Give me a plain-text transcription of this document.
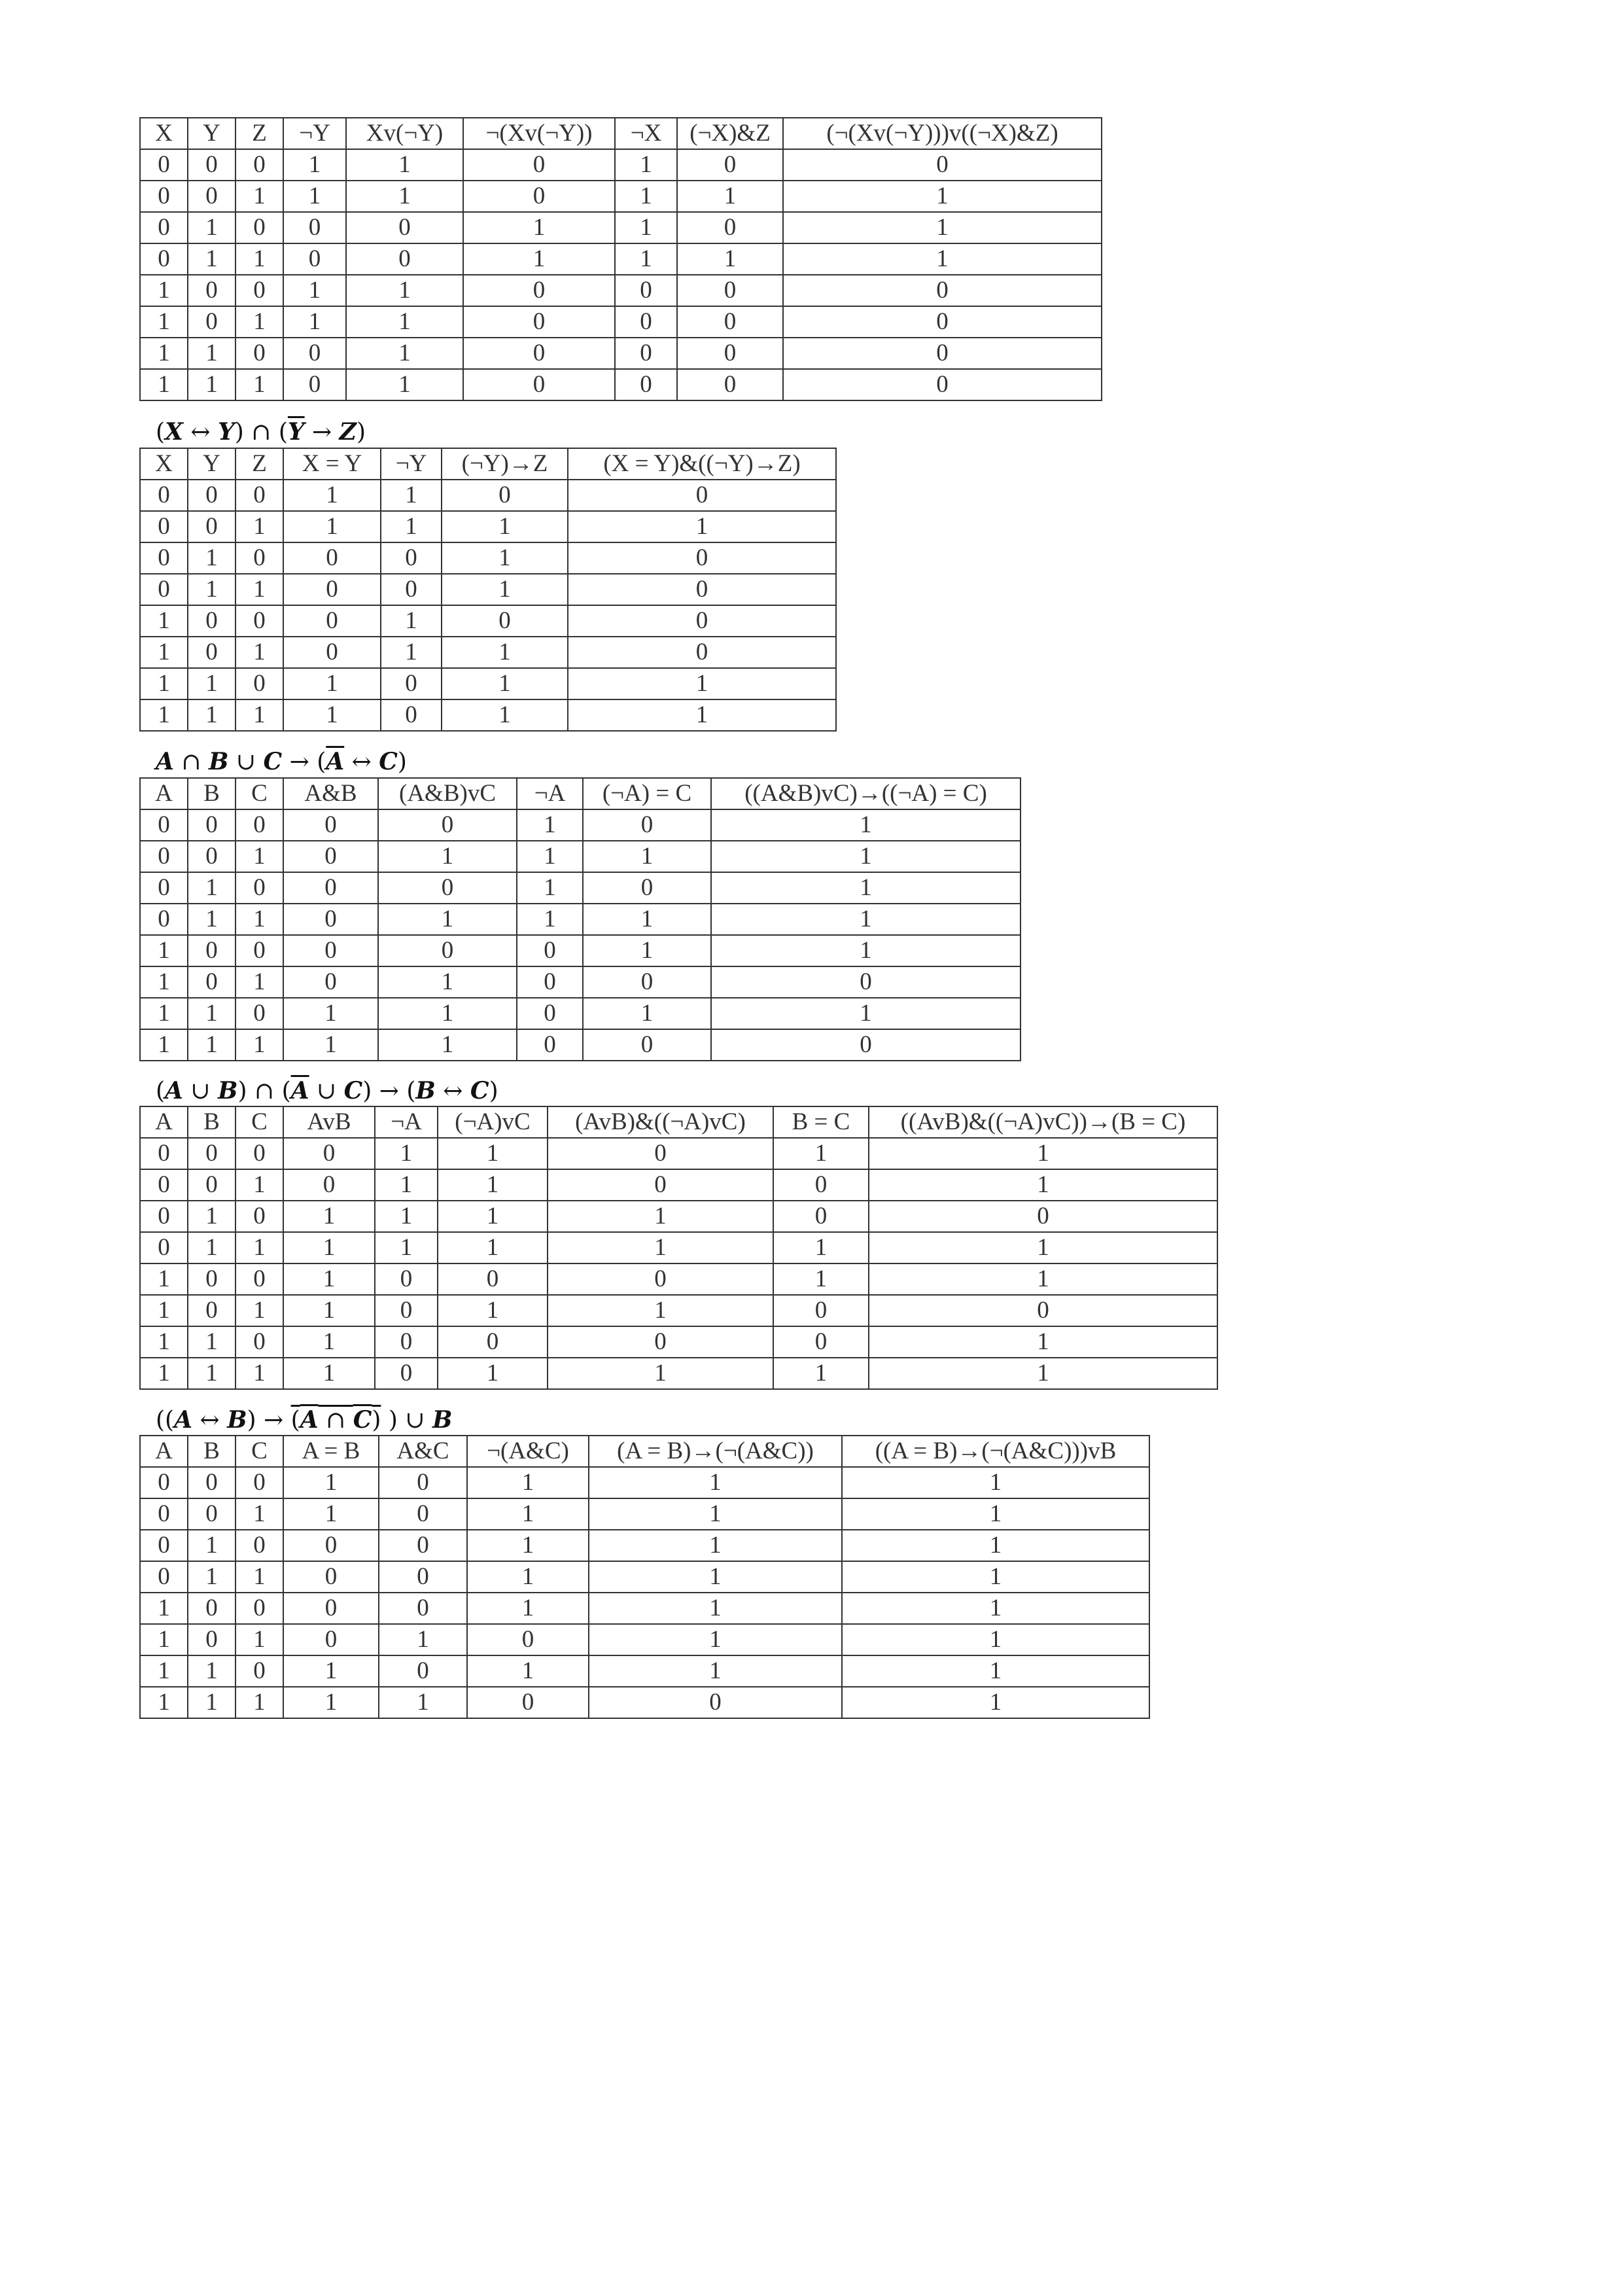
X	Y	Z	¬Y	Xv(¬Y)	¬(Xv(¬Y))	¬X	(¬X)&Z	(¬(Xv(¬Y)))v((¬X)&Z)
0	0	0	1	1	0	1	0	0
0	0	1	1	1	0	1	1	1
0	1	0	0	0	1	1	0	1
0	1	1	0	0	1	1	1	1
1	0	0	1	1	0	0	0	0
1	0	1	1	1	0	0	0	0
1	1	0	0	1	0	0	0	0
1	1	1	0	1	0	0	0	0
(X ↔ Y) ∩ $(\overline{Y} \to Z)$
X	Y	Z	X = Y	¬Y	(¬Y)→Z	(X = Y)&((¬Y)→Z)
0	0	0	1	1	0	0
0	0	1	1	1	1	1
0	1	0	0	0	1	0
0	1	1	0	0	1	0
1	0	0	0	1	0	0
1	0	1	0	1	1	0
1	1	0	1	0	1	1
1	1	1	1	0	1	1
A ∩ B ∪ $C \to (\overline{A}$ ↔ C)
A	B	C	A&B	(A&B)vC	¬A	(¬A) = C	((A&B)vC)→((¬A) = C)
0	0	0	0	0	1	0	1
0	0	1	0	1	1	1	1
0	1	0	0	0	1	0	1
0	1	1	0	1	1	1	1
1	0	0	0	0	0	1	1
1	0	1	0	1	0	0	0
1	1	0	1	1	0	1	1
1	1	1	1	1	0	0	0
(A ∪ B) ∩ ($\overline{A}$ ∪ C) → (B ↔ C)
A	B	C	AvB	¬A	(¬A)vC	(AvB)&((¬A)vC)	B = C	((AvB)&((¬A)vC))→(B = C)
0	0	0	0	1	1	0	1	1
0	0	1	0	1	1	0	0	1
0	1	0	1	1	1	1	0	0
0	1	1	1	1	1	1	1	1
1	0	0	1	0	0	0	1	1
1	0	1	1	0	1	1	0	0
1	1	0	1	0	0	0	0	1
1	1	1	1	0	1	1	1	1
((A ↔ B) → (A ∩ C) ) ∪ B
A	B	C	A = B	A&C	¬(A&C)	(A = B)→(¬(A&C))	((A = B)→(¬(A&C)))vB
0	0	0	1	0	1	1	1
0	0	1	1	0	1	1	1
0	1	0	0	0	1	1	1
0	1	1	0	0	1	1	1
1	0	0	0	0	1	1	1
1	0	1	0	1	0	1	1
1	1	0	1	0	1	1	1
1	1	1	1	1	0	0	1
